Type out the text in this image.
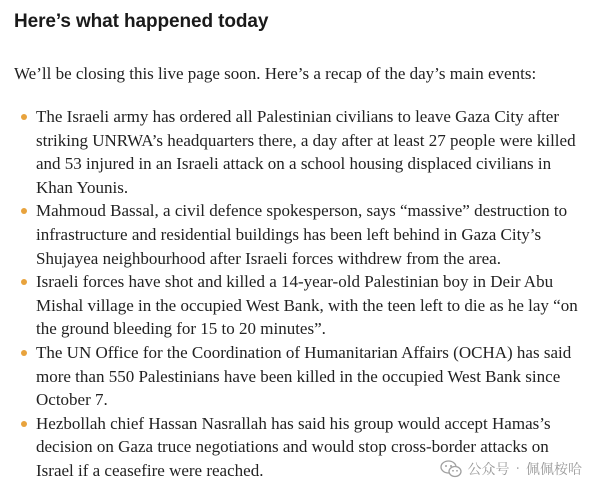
Here’s what happened today

We’ll be closing this live page soon. Here’s a recap of the day’s main events:

The Israeli army has ordered all Palestinian civilians to leave Gaza City after striking UNRWA’s headquarters there, a day after at least 27 people were killed and 53 injured in an Israeli attack on a school housing displaced civilians in Khan Younis.
Mahmoud Bassal, a civil defence spokesperson, says “massive” destruction to infrastructure and residential buildings has been left behind in Gaza City’s Shujayea neighbourhood after Israeli forces withdrew from the area.
Israeli forces have shot and killed a 14-year-old Palestinian boy in Deir Abu Mishal village in the occupied West Bank, with the teen left to die as he lay “on the ground bleeding for 15 to 20 minutes”.
The UN Office for the Coordination of Humanitarian Affairs (OCHA) has said more than 550 Palestinians have been killed in the occupied West Bank since October 7.
Hezbollah chief Hassan Nasrallah has said his group would accept Hamas’s decision on Gaza truce negotiations and would stop cross-border attacks on Israel if a ceasefire were reached.	公众号 · 佩佩桉哈
